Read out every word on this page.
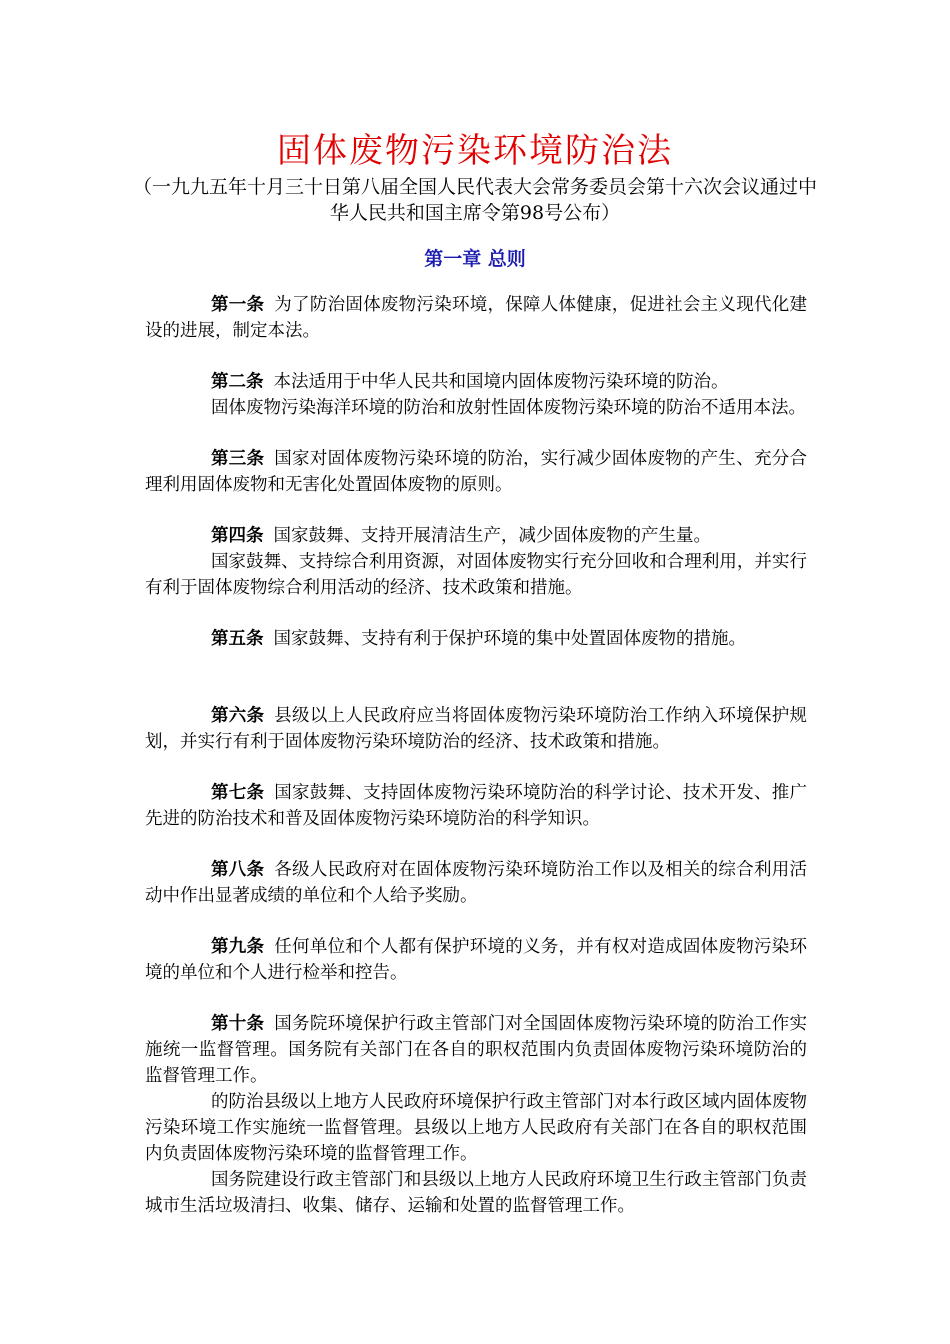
固体废物污染环境防治法
（一九九五年十月三十日第八届全国人民代表大会常务委员会第十六次会议通过中华人民共和国主席令第98号公布）
第一章 总则

第一条 为了防治固体废物污染环境，保障人体健康，促进社会主义现代化建设的进展，制定本法。

第二条 本法适用于中华人民共和国境内固体废物污染环境的防治。

固体废物污染海洋环境的防治和放射性固体废物污染环境的防治不适用本法。

第三条 国家对固体废物污染环境的防治，实行减少固体废物的产生、充分合理利用固体废物和无害化处置固体废物的原则。

第四条 国家鼓舞、支持开展清洁生产，减少固体废物的产生量。

国家鼓舞、支持综合利用资源，对固体废物实行充分回收和合理利用，并实行有利于固体废物综合利用活动的经济、技术政策和措施。

第五条 国家鼓舞、支持有利于保护环境的集中处置固体废物的措施。

第六条 县级以上人民政府应当将固体废物污染环境防治工作纳入环境保护规划，并实行有利于固体废物污染环境防治的经济、技术政策和措施。

第七条 国家鼓舞、支持固体废物污染环境防治的科学讨论、技术开发、推广先进的防治技术和普及固体废物污染环境防治的科学知识。

第八条 各级人民政府对在固体废物污染环境防治工作以及相关的综合利用活动中作出显著成绩的单位和个人给予奖励。

第九条 任何单位和个人都有保护环境的义务，并有权对造成固体废物污染环境的单位和个人进行检举和控告。

第十条 国务院环境保护行政主管部门对全国固体废物污染环境的防治工作实施统一监督管理。国务院有关部门在各自的职权范围内负责固体废物污染环境防治的监督管理工作。

的防治县级以上地方人民政府环境保护行政主管部门对本行政区域内固体废物污染环境工作实施统一监督管理。县级以上地方人民政府有关部门在各自的职权范围内负责固体废物污染环境的监督管理工作。

国务院建设行政主管部门和县级以上地方人民政府环境卫生行政主管部门负责城市生活垃圾清扫、收集、储存、运输和处置的监督管理工作。
